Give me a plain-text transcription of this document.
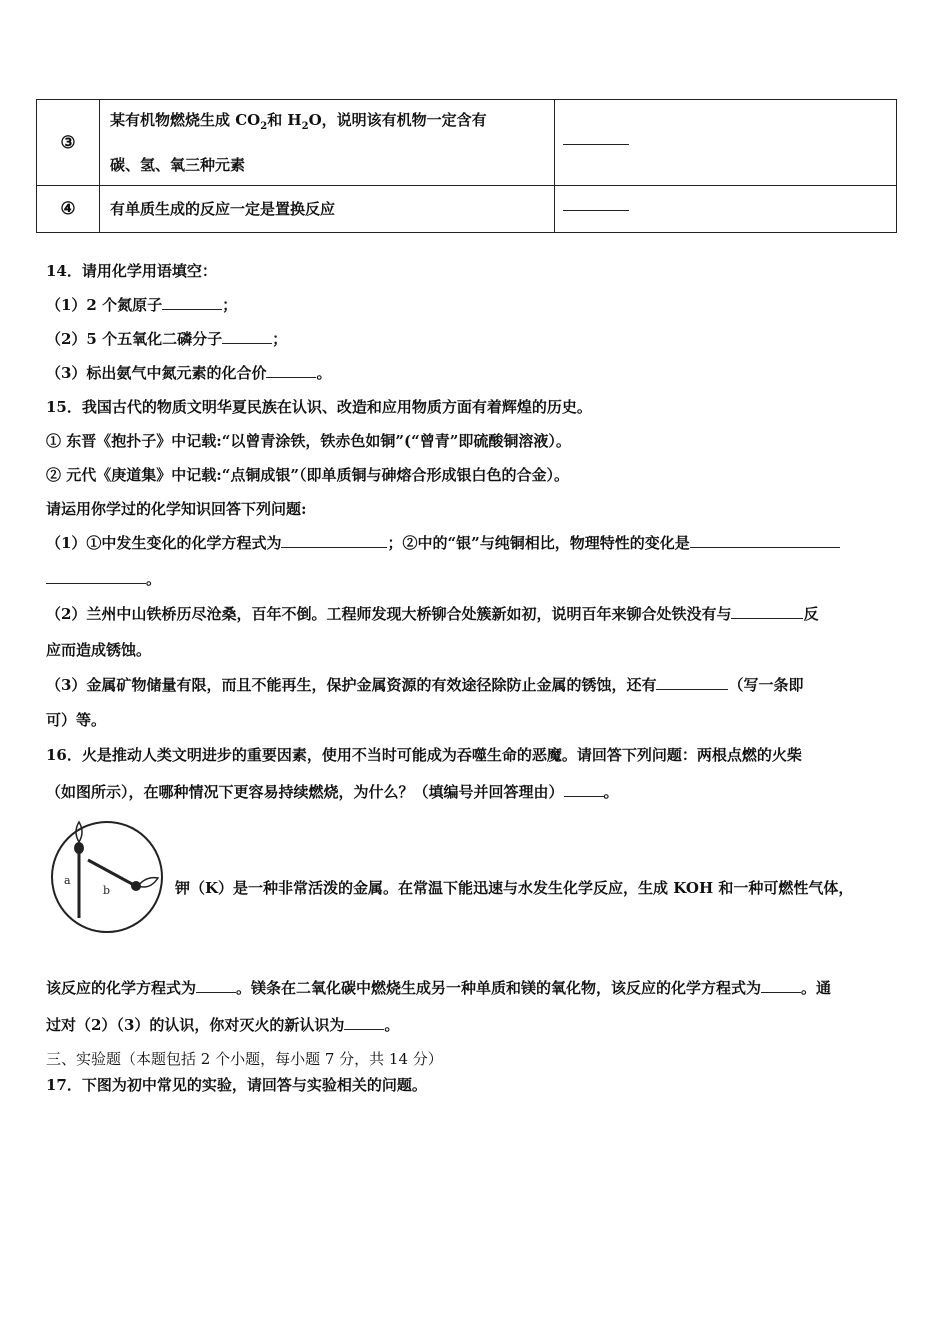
③	某有机物燃烧生成 $CO_2$和 $H_2O$，说明该有机物一定含有
碳、氢、氧三种元素	

④	有单质生成的反应一定是置换反应	
14．请用化学用语填空：
（1）2 个氮原子	；
（2）5 个五氧化二磷分子	；
（3）标出氨气中氮元素的化合价	。
15．我国古代的物质文明华夏民族在认识、改造和应用物质方面有着辉煌的历史。
① 东晋《抱扑子》中记载:“以曾青涂铁，铁赤色如铜”(“曾青”即硫酸铜溶液）。
② 元代《庚道集》中记载:“点铜成银”（即单质铜与砷熔合形成银白色的合金）。
请运用你学过的化学知识回答下列问题:
（1）①中发生变化的化学方程式为	；②中的“银”与纯铜相比，物理特性的变化是
。
（2）兰州中山铁桥历尽沧桑，百年不倒。工程师发现大桥铆合处簇新如初，说明百年来铆合处铁没有与	反
应而造成锈蚀。
（3）金属矿物储量有限，而且不能再生，保护金属资源的有效途径除防止金属的锈蚀，还有	（写一条即
可）等。
16．火是推动人类文明进步的重要因素，使用不当时可能成为吞噬生命的恶魔。请回答下列问题：两根点燃的火柴
（如图所示），在哪种情况下更容易持续燃烧，为什么？（填编号并回答理由）	。
a
b	钾（K）是一种非常活泼的金属。在常温下能迅速与水发生化学反应，生成 KOH 和一种可燃性气体，
该反应的化学方程式为	。镁条在二氧化碳中燃烧生成另一种单质和镁的氧化物，该反应的化学方程式为	。通
过对（2）（3）的认识，你对灭火的新认识为	。
三、实验题（本题包括 2 个小题，每小题 7 分，共 14 分）
17．下图为初中常见的实验，请回答与实验相关的问题。
